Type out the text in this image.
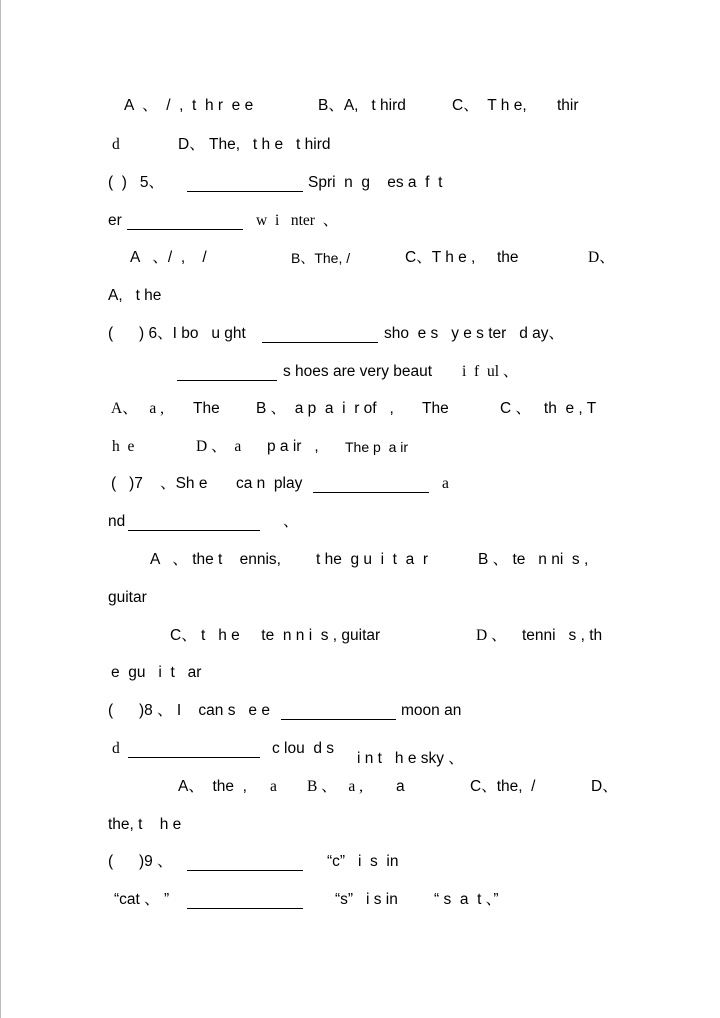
A  、  /  ,  t  h r  e e	B、A,   t hird	C、  T h e, thir
d	D、 The,   t h e   t hird
(  )   5、	Spri  n  g    es a  f  t
er	w  i   nter  、
A   、/  ,    /	B、The, /	C、T h e , the	D、
A,   t he
(      ) 6、I bo   u ght	sho  e s   y e s ter   d ay、
s hoes are very beaut i  f  ul 、
A、   a , The B 、  a p  a  i  r of   , The	C 、   th  e , T
h  e	D 、  a p a ir   , The p  a ir
(   )7    、Sh e ca n  play	a
nd	、
A   、 the t    ennis, t he  g u  i  t  a  r	B 、 te   n ni  s ,
guitar
C、 t   h e     te  n n i  s , guitar	D 、 tenni   s , th
e  gu   i  t   ar
(      )8 、 I    can s   e e	moon an
d	c lou  d s
i n t   h e sky 、
A、  the  , a B 、   a , a	C、the,  /	D、
the, t    h e
(      )9 、	“c”   i  s  in
“cat 、 ”	“s”   i s in “ s  a  t 、”
